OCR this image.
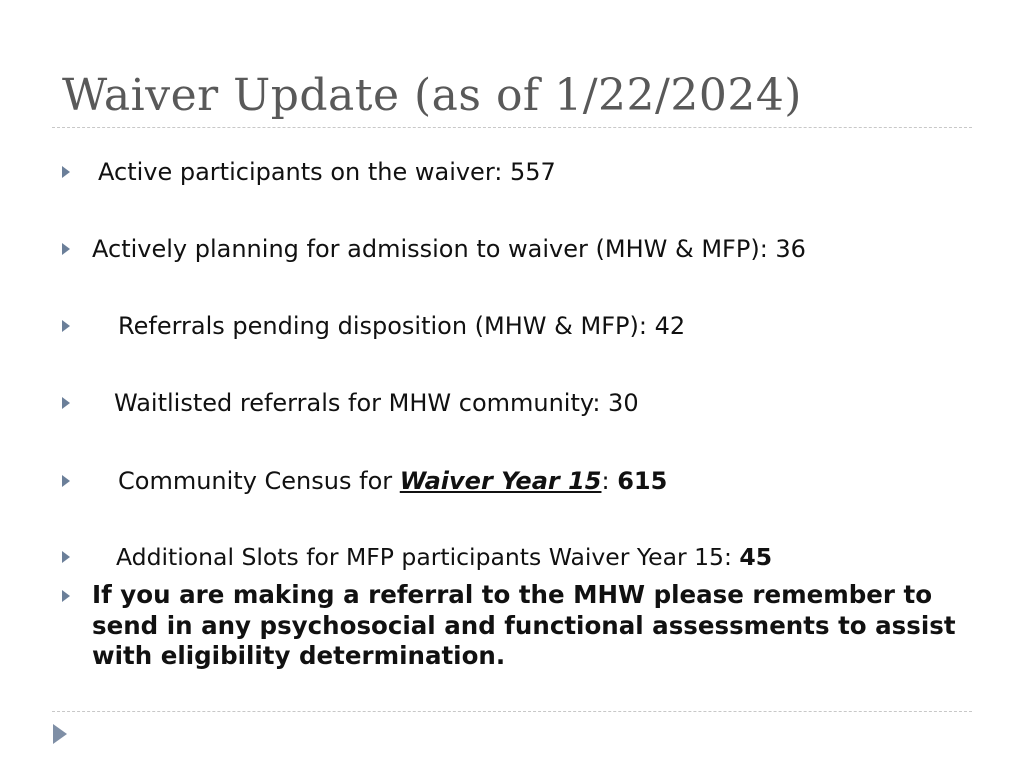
Waiver Update (as of 1/22/2024)
Active participants on the waiver: 557
Actively planning for admission to waiver (MHW & MFP): 36
Referrals pending disposition (MHW & MFP): 42
Waitlisted referrals for MHW community: 30
Community Census for Waiver Year 15: 615
Additional Slots for MFP participants Waiver Year 15: 45
If you are making a referral to the MHW please remember to send in any psychosocial and functional assessments to assist with eligibility determination.
